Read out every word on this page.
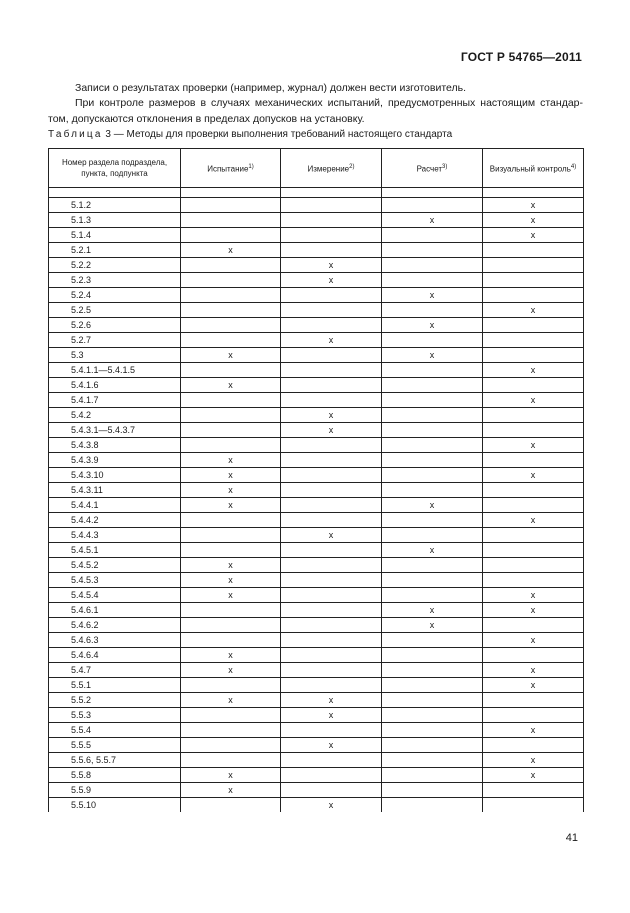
ГОСТ Р 54765—2011
Записи о результатах проверки (например, журнал) должен вести изготовитель.
При контроле размеров в случаях механических испытаний, предусмотренных настоящим стандар-том, допускаются отклонения в пределах допусков на установку.
Таблица 3 — Методы для проверки выполнения требований настоящего стандарта
Номер раздела подраздела, пункта, подпункта	Испытание$^{1)}$	Измерение$^{2)}$	Расчет$^{3)}$	Визуальный контроль$^{4)}$

5.1.2				x
5.1.3			x	x
5.1.4				x
5.2.1	x			
5.2.2		x		
5.2.3		x		
5.2.4			x	
5.2.5				x
5.2.6			x	
5.2.7		x		
5.3	x		x	
5.4.1.1—5.4.1.5				x
5.4.1.6	x			
5.4.1.7				x
5.4.2		x		
5.4.3.1—5.4.3.7		x		
5.4.3.8				x
5.4.3.9	x			
5.4.3.10	x			x
5.4.3.11	x			
5.4.4.1	x		x	
5.4.4.2				x
5.4.4.3		x		
5.4.5.1			x	
5.4.5.2	x			
5.4.5.3	x			
5.4.5.4	x			x
5.4.6.1			x	x
5.4.6.2			x	
5.4.6.3				x
5.4.6.4	x			
5.4.7	x			x
5.5.1				x
5.5.2	x	x		
5.5.3		x		
5.5.4				x
5.5.5		x		
5.5.6, 5.5.7				x
5.5.8	x			x
5.5.9	x			
5.5.10		x		
41
